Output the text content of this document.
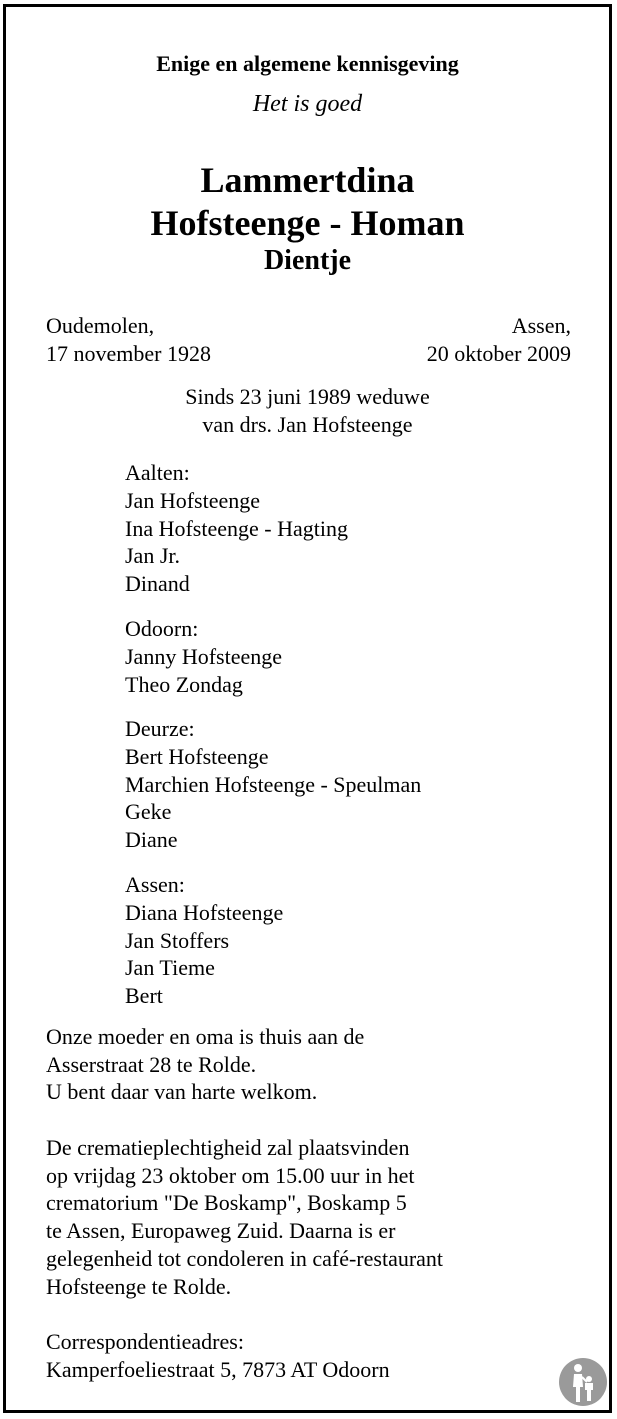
Enige en algemene kennisgeving
Het is goed
Lammertdina
Hofsteenge - Homan
Dientje
Oudemolen,
17 november 1928
Assen,
20 oktober 2009
Sinds 23 juni 1989 weduwe
van drs. Jan Hofsteenge
Aalten:
Jan Hofsteenge
Ina Hofsteenge - Hagting
Jan Jr.
Dinand
Odoorn:
Janny Hofsteenge
Theo Zondag
Deurze:
Bert Hofsteenge
Marchien Hofsteenge - Speulman
Geke
Diane
Assen:
Diana Hofsteenge
Jan Stoffers
Jan Tieme
Bert
Onze moeder en oma is thuis aan de
Asserstraat 28 te Rolde.
U bent daar van harte welkom.
De crematieplechtigheid zal plaatsvinden
op vrijdag 23 oktober om 15.00 uur in het
crematorium "De Boskamp", Boskamp 5
te Assen, Europaweg Zuid. Daarna is er
gelegenheid tot condoleren in café-restaurant
Hofsteenge te Rolde.
Correspondentieadres:
Kamperfoeliestraat 5, 7873 AT Odoorn
